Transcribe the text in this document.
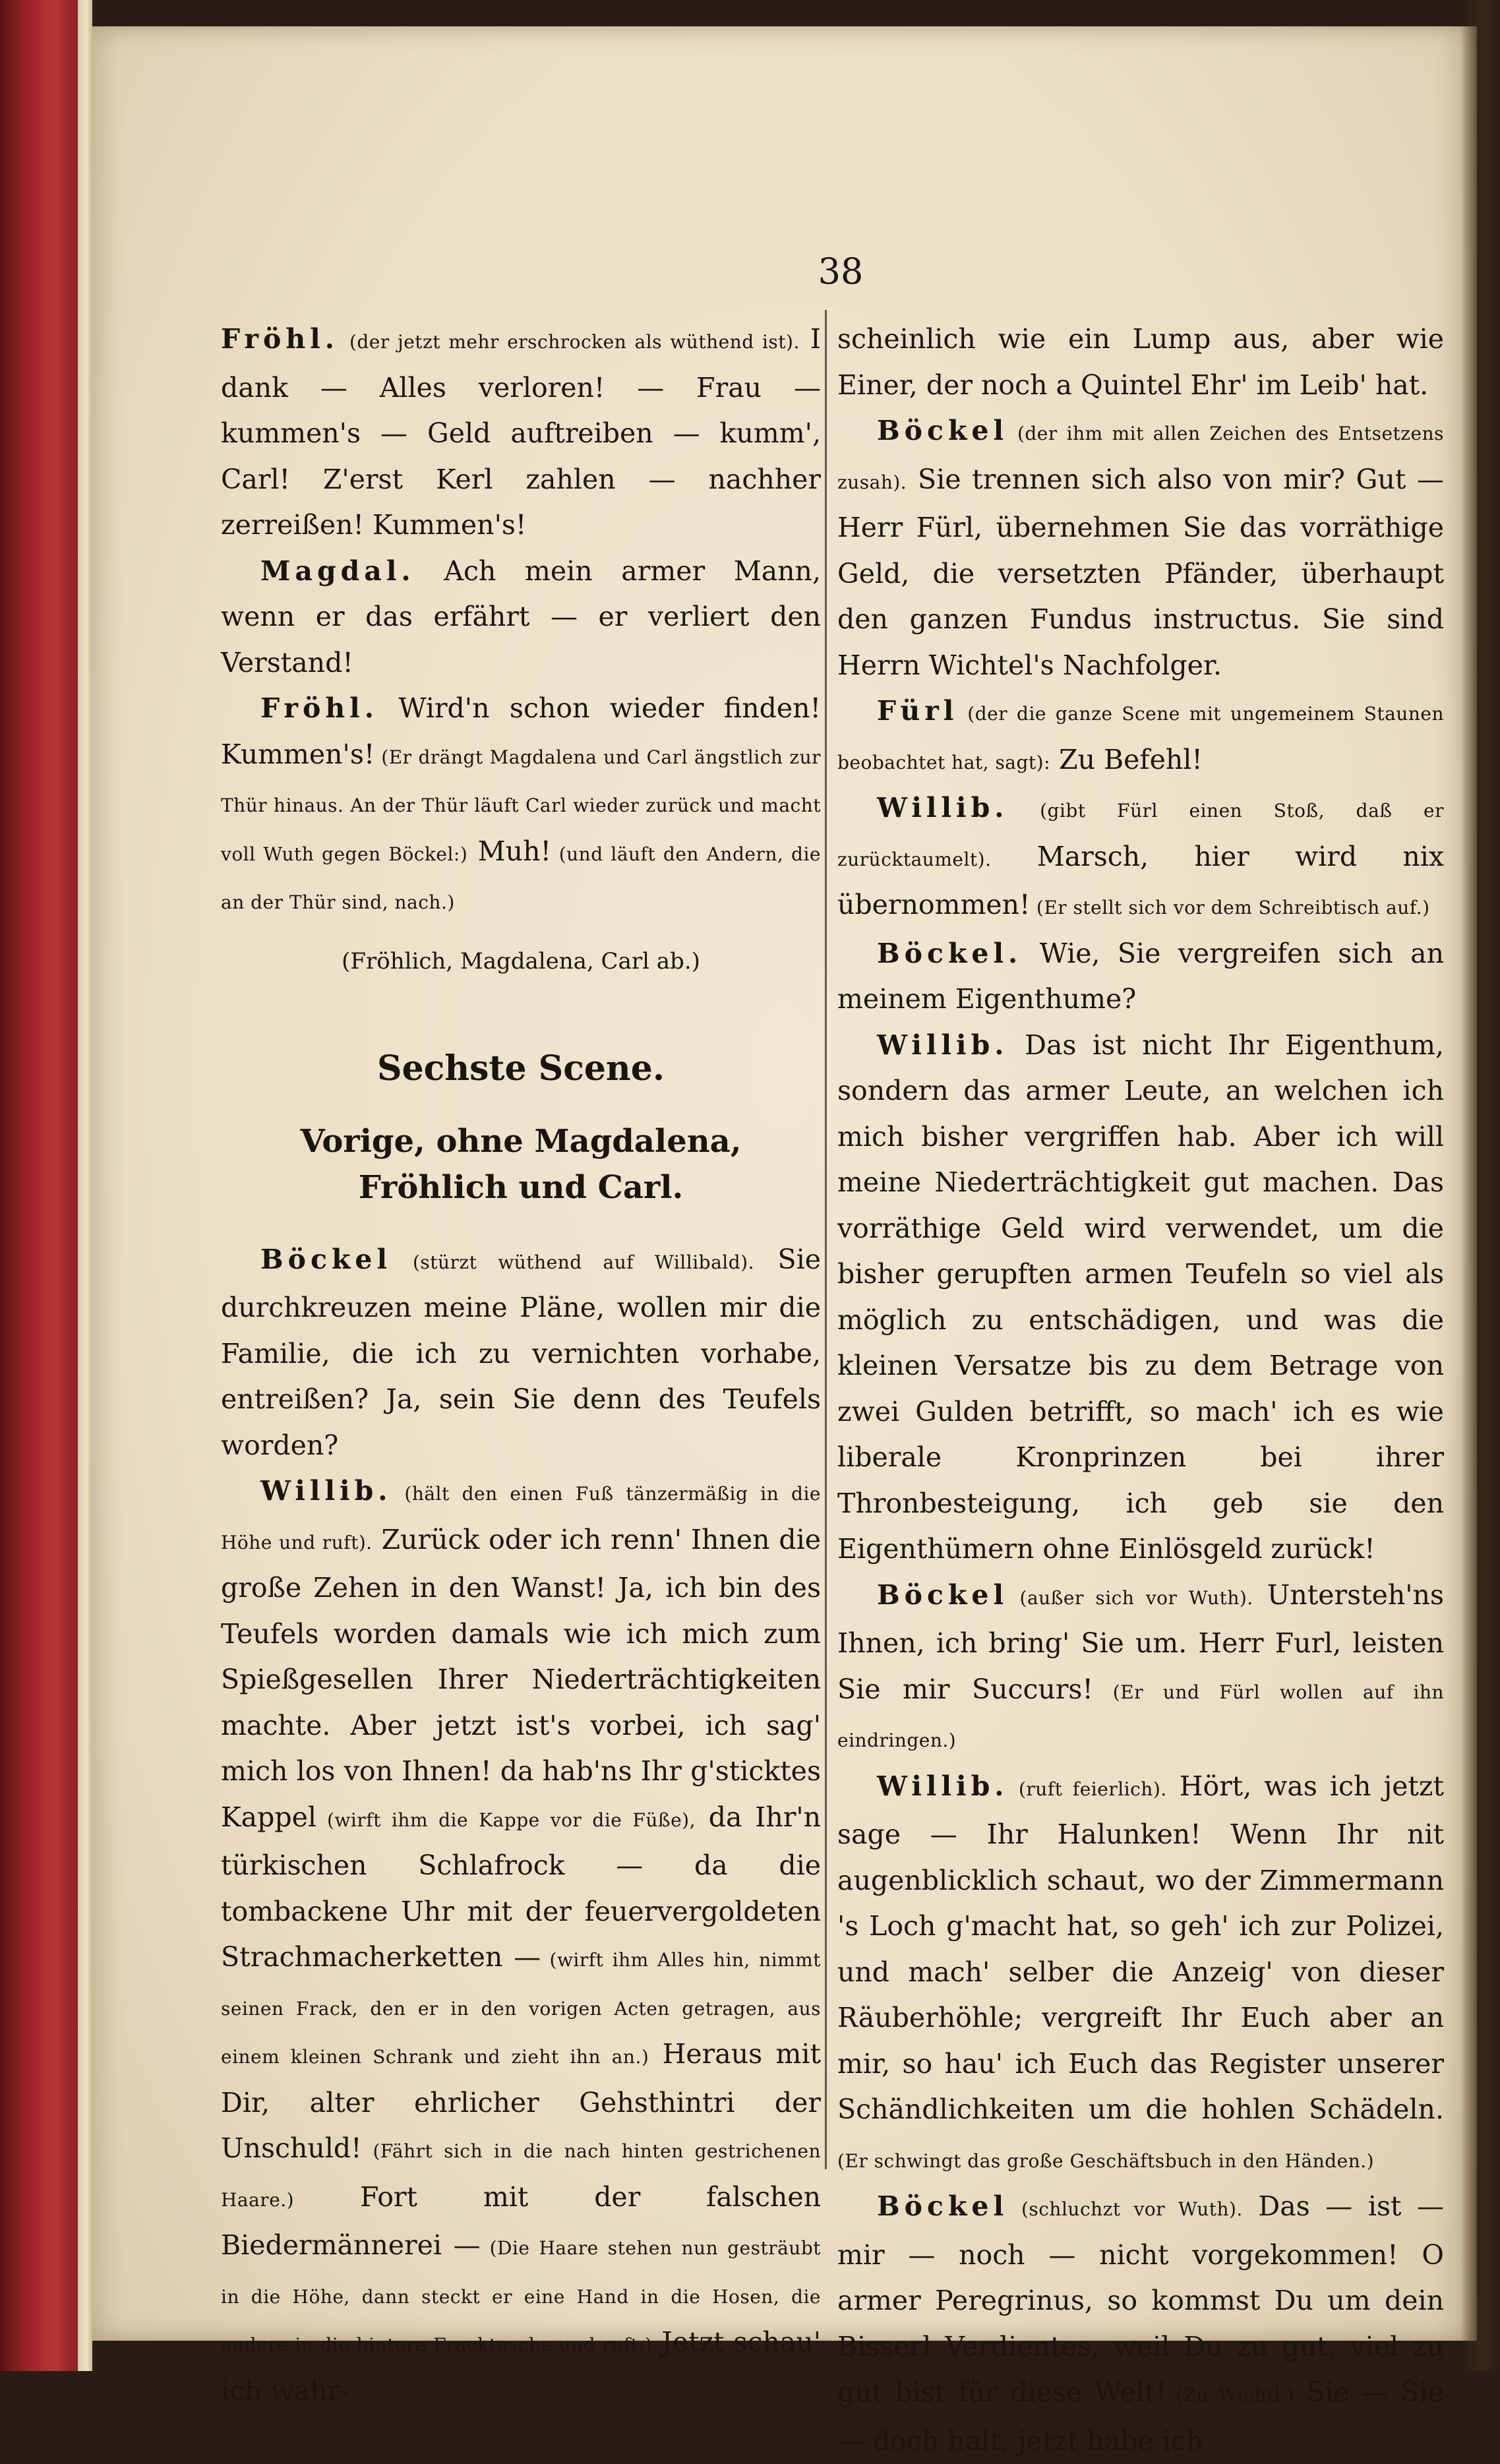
38

Fröhl. (der jetzt mehr erschrocken als wüthend ist). I dank — Alles verloren! — Frau — kummen's — Geld auftreiben — kumm', Carl! Z'erst Kerl zahlen — nachher zerreißen! Kummen's!

Magdal. Ach mein armer Mann, wenn er das erfährt — er verliert den Verstand!

Fröhl. Wird'n schon wieder finden! Kummen's! (Er drängt Magdalena und Carl ängstlich zur Thür hinaus. An der Thür läuft Carl wieder zurück und macht voll Wuth gegen Böckel:) Muh! (und läuft den Andern, die an der Thür sind, nach.)

(Fröhlich, Magdalena, Carl ab.)

Sechste Scene.
Vorige, ohne Magdalena, Fröhlich und Carl.

Böckel (stürzt wüthend auf Willibald). Sie durchkreuzen meine Pläne, wollen mir die Familie, die ich zu vernichten vorhabe, entreißen? Ja, sein Sie denn des Teufels worden?

Willib. (hält den einen Fuß tänzermäßig in die Höhe und ruft). Zurück oder ich renn' Ihnen die große Zehen in den Wanst! Ja, ich bin des Teufels worden damals wie ich mich zum Spießgesellen Ihrer Niederträchtigkeiten machte. Aber jetzt ist's vorbei, ich sag' mich los von Ihnen! da hab'ns Ihr g'sticktes Kappel (wirft ihm die Kappe vor die Füße), da Ihr'n türkischen Schlafrock — da die tombackene Uhr mit der feuervergoldeten Strachmacherketten — (wirft ihm Alles hin, nimmt seinen Frack, den er in den vorigen Acten getragen, aus einem kleinen Schrank und zieht ihn an.) Heraus mit Dir, alter ehrlicher Gehsthintri der Unschuld! (Fährt sich in die nach hinten gestrichenen Haare.) Fort mit der falschen Biedermännerei — (Die Haare stehen nun gesträubt in die Höhe, dann steckt er eine Hand in die Hosen, die andere in die hintere Fracktasche und ruft:) Jetzt schau' ich wahr-

scheinlich wie ein Lump aus, aber wie Einer, der noch a Quintel Ehr' im Leib' hat.

Böckel (der ihm mit allen Zeichen des Entsetzens zusah). Sie trennen sich also von mir? Gut — Herr Fürl, übernehmen Sie das vorräthige Geld, die versetzten Pfänder, überhaupt den ganzen Fundus instructus. Sie sind Herrn Wichtel's Nachfolger.

Fürl (der die ganze Scene mit ungemeinem Staunen beobachtet hat, sagt): Zu Befehl!

Willib. (gibt Fürl einen Stoß, daß er zurücktaumelt). Marsch, hier wird nix übernommen! (Er stellt sich vor dem Schreibtisch auf.)

Böckel. Wie, Sie vergreifen sich an meinem Eigenthume?

Willib. Das ist nicht Ihr Eigenthum, sondern das armer Leute, an welchen ich mich bisher vergriffen hab. Aber ich will meine Niederträchtigkeit gut machen. Das vorräthige Geld wird verwendet, um die bisher gerupften armen Teufeln so viel als möglich zu entschädigen, und was die kleinen Versatze bis zu dem Betrage von zwei Gulden betrifft, so mach' ich es wie liberale Kronprinzen bei ihrer Thronbesteigung, ich geb sie den Eigenthümern ohne Einlösgeld zurück!

Böckel (außer sich vor Wuth). Untersteh'ns Ihnen, ich bring' Sie um. Herr Furl, leisten Sie mir Succurs! (Er und Fürl wollen auf ihn eindringen.)

Willib. (ruft feierlich). Hört, was ich jetzt sage — Ihr Halunken! Wenn Ihr nit augenblicklich schaut, wo der Zimmermann 's Loch g'macht hat, so geh' ich zur Polizei, und mach' selber die Anzeig' von dieser Räuberhöhle; vergreift Ihr Euch aber an mir, so hau' ich Euch das Register unserer Schändlichkeiten um die hohlen Schädeln. (Er schwingt das große Geschäftsbuch in den Händen.)

Böckel (schluchzt vor Wuth). Das — ist — mir — noch — nicht vorgekommen! O armer Peregrinus, so kommst Du um dein Bisserl Verdientes, weil Du zu gut, viel zu gut bist für diese Welt! (Zu Wichtl.) Sie — Sie — doch halt, jetzt habe ich
